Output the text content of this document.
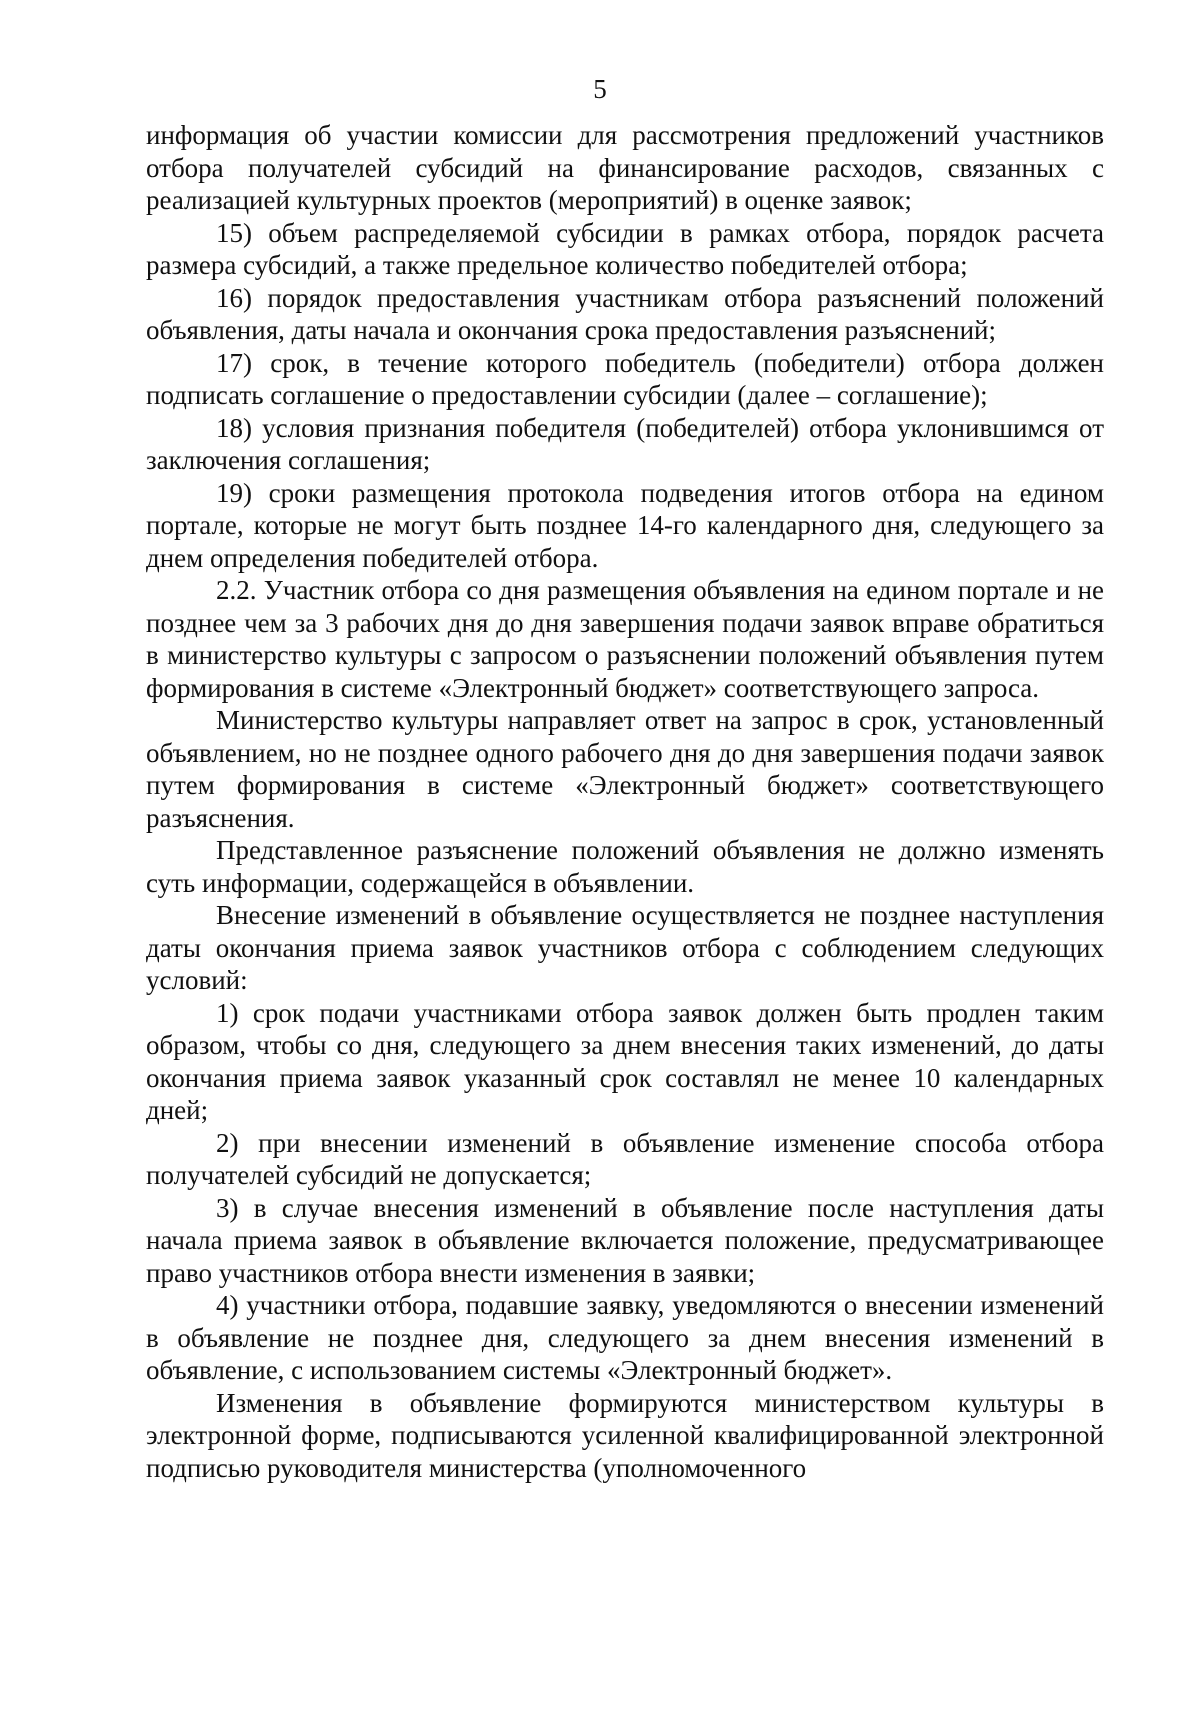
5

информация об участии комиссии для рассмотрения предложений участников отбора получателей субсидий на финансирование расходов, связанных с реализацией культурных проектов (мероприятий) в оценке заявок;

15) объем распределяемой субсидии в рамках отбора, порядок расчета размера субсидий, а также предельное количество победителей отбора;

16) порядок предоставления участникам отбора разъяснений положений объявления, даты начала и окончания срока предоставления разъяснений;

17) срок, в течение которого победитель (победители) отбора должен подписать соглашение о предоставлении субсидии (далее – соглашение);

18) условия признания победителя (победителей) отбора уклонившимся от заключения соглашения;

19) сроки размещения протокола подведения итогов отбора на едином портале, которые не могут быть позднее 14-го календарного дня, следующего за днем определения победителей отбора.

2.2. Участник отбора со дня размещения объявления на едином портале и не позднее чем за 3 рабочих дня до дня завершения подачи заявок вправе обратиться в министерство культуры с запросом о разъяснении положений объявления путем формирования в системе «Электронный бюджет» соответствующего запроса.

Министерство культуры направляет ответ на запрос в срок, установленный объявлением, но не позднее одного рабочего дня до дня завершения подачи заявок путем формирования в системе «Электронный бюджет» соответствующего разъяснения.

Представленное разъяснение положений объявления не должно изменять суть информации, содержащейся в объявлении.

Внесение изменений в объявление осуществляется не позднее наступления даты окончания приема заявок участников отбора с соблюдением следующих условий:

1) срок подачи участниками отбора заявок должен быть продлен таким образом, чтобы со дня, следующего за днем внесения таких изменений, до даты окончания приема заявок указанный срок составлял не менее 10 календарных дней;

2) при внесении изменений в объявление изменение способа отбора получателей субсидий не допускается;

3) в случае внесения изменений в объявление после наступления даты начала приема заявок в объявление включается положение, предусматривающее право участников отбора внести изменения в заявки;

4) участники отбора, подавшие заявку, уведомляются о внесении изменений в объявление не позднее дня, следующего за днем внесения изменений в объявление, с использованием системы «Электронный бюджет».

Изменения в объявление формируются министерством культуры в электронной форме, подписываются усиленной квалифицированной электронной подписью руководителя министерства (уполномоченного
